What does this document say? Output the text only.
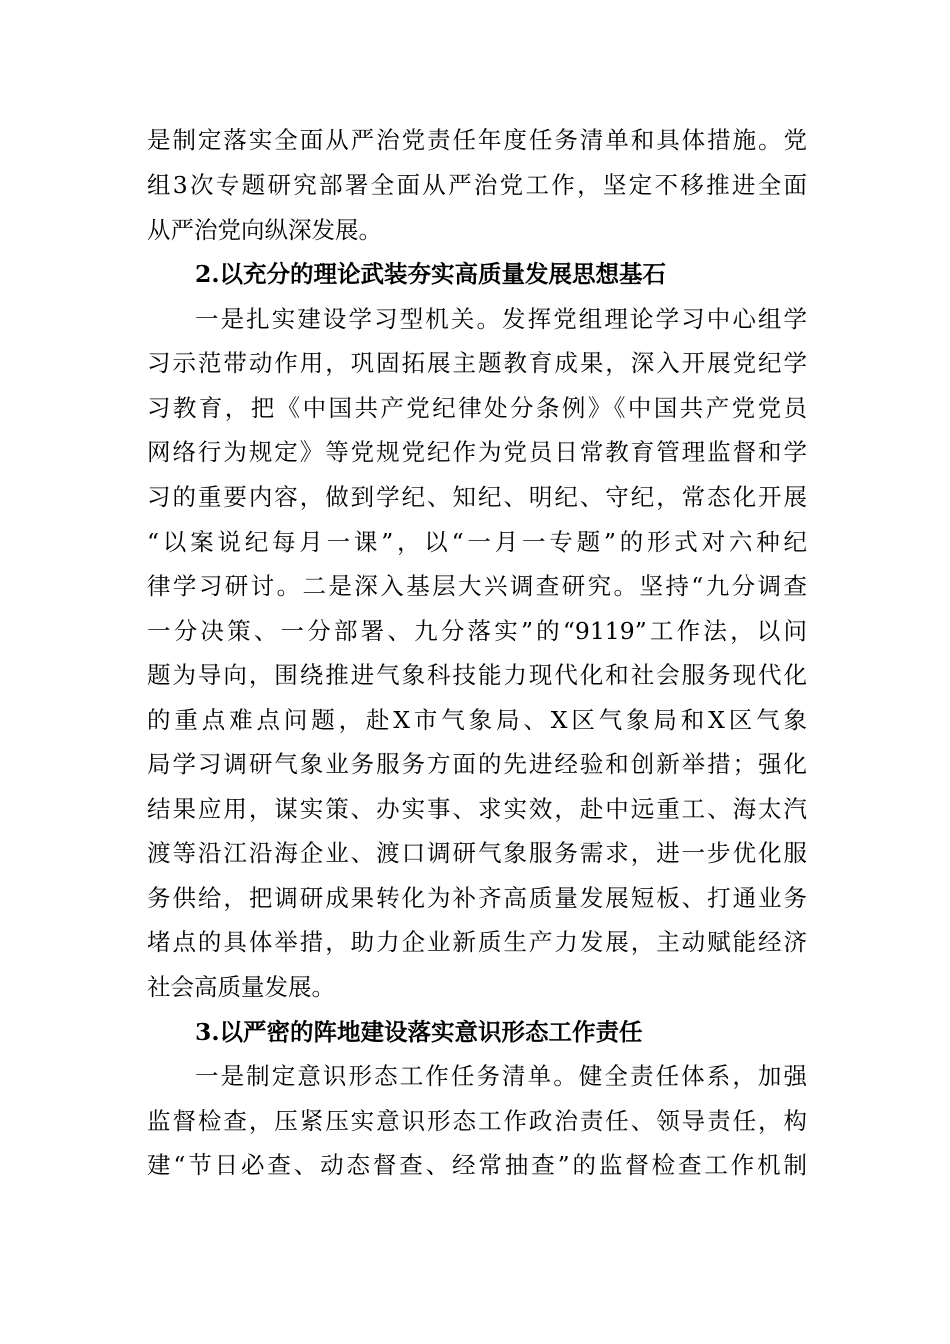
是制定落实全面从严治党责任年度任务清单和具体措施。党
组3次专题研究部署全面从严治党工作，坚定不移推进全面
从严治党向纵深发展。
2.以充分的理论武装夯实高质量发展思想基石
一是扎实建设学习型机关。发挥党组理论学习中心组学
习示范带动作用，巩固拓展主题教育成果，深入开展党纪学
习教育，把《中国共产党纪律处分条例》《中国共产党党员
网络行为规定》等党规党纪作为党员日常教育管理监督和学
习的重要内容，做到学纪、知纪、明纪、守纪，常态化开展
“以案说纪每月一课”，以“一月一专题”的形式对六种纪
律学习研讨。二是深入基层大兴调查研究。坚持“九分调查
一分决策、一分部署、九分落实”的“9119”工作法，以问
题为导向，围绕推进气象科技能力现代化和社会服务现代化
的重点难点问题，赴X市气象局、X区气象局和X区气象
局学习调研气象业务服务方面的先进经验和创新举措；强化
结果应用，谋实策、办实事、求实效，赴中远重工、海太汽
渡等沿江沿海企业、渡口调研气象服务需求，进一步优化服
务供给，把调研成果转化为补齐高质量发展短板、打通业务
堵点的具体举措，助力企业新质生产力发展，主动赋能经济
社会高质量发展。
3.以严密的阵地建设落实意识形态工作责任
一是制定意识形态工作任务清单。健全责任体系，加强
监督检查，压紧压实意识形态工作政治责任、领导责任，构
建“节日必查、动态督查、经常抽查”的监督检查工作机制
